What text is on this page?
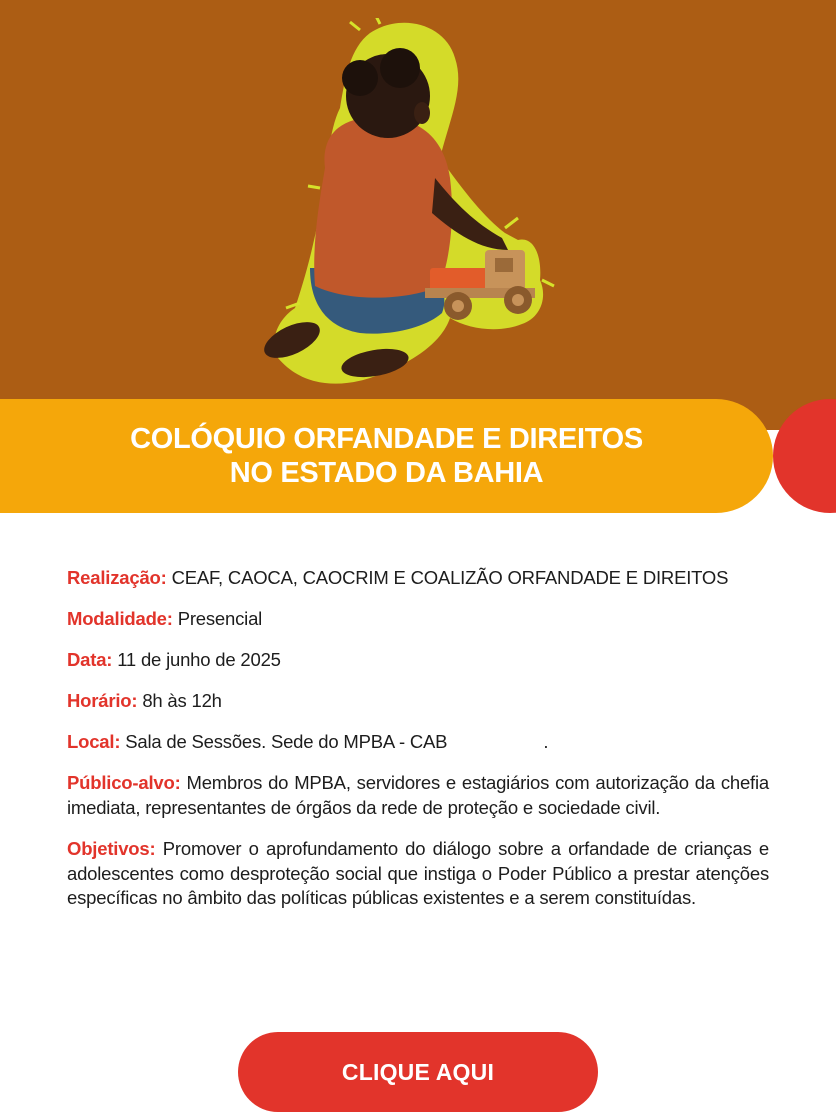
COLÓQUIO ORFANDADE E DIREITOS
NO ESTADO DA BAHIA

Realização: CEAF, CAOCA, CAOCRIM E COALIZÃO ORFANDADE E DIREITOS

Modalidade: Presencial

Data: 11 de junho de 2025

Horário: 8h às 12h

Local: Sala de Sessões. Sede do MPBA - CAB	.

Público-alvo: Membros do MPBA, servidores e estagiários com autorização da chefia imediata, representantes de órgãos da rede de proteção e sociedade civil.

Objetivos: Promover o aprofundamento do diálogo sobre a orfandade de crianças e adolescentes como desproteção social que instiga o Poder Público a prestar atenções específicas no âmbito das políticas públicas existentes e a serem constituídas.

CLIQUE AQUI
